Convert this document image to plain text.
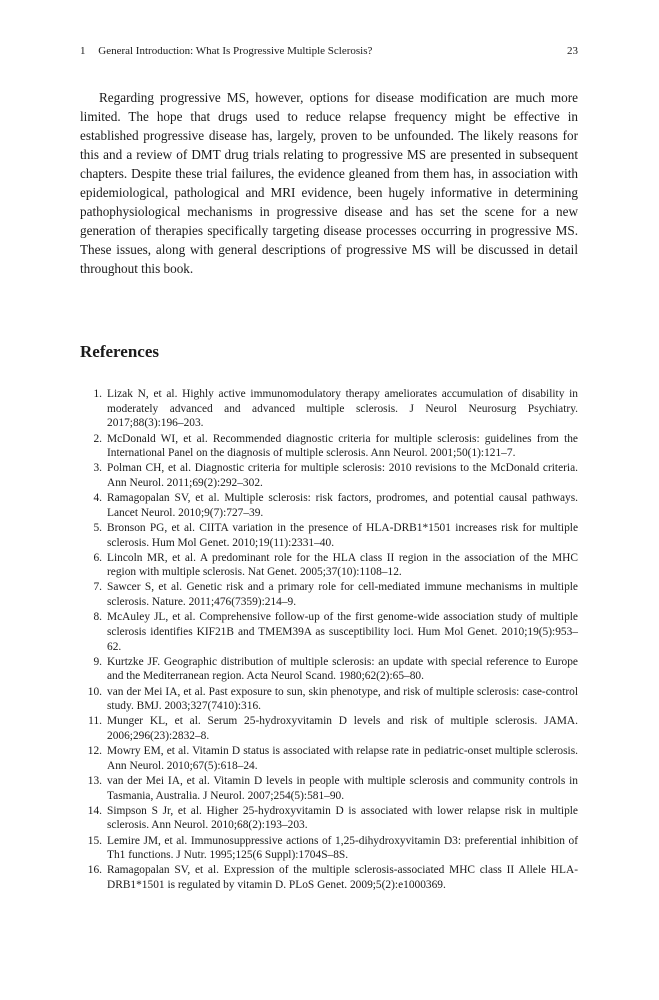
1 General Introduction: What Is Progressive Multiple Sclerosis?	23

Regarding progressive MS, however, options for disease modification are much more limited. The hope that drugs used to reduce relapse frequency might be effective in established progressive disease has, largely, proven to be unfounded. The likely reasons for this and a review of DMT drug trials relating to progressive MS are presented in subsequent chapters. Despite these trial failures, the evidence gleaned from them has, in association with epidemiological, pathological and MRI evidence, been hugely informative in determining pathophysiological mechanisms in progressive disease and has set the scene for a new generation of therapies specifically targeting disease processes occurring in progressive MS. These issues, along with general descriptions of progressive MS will be discussed in detail throughout this book.

References
1. Lizak N, et al. Highly active immunomodulatory therapy ameliorates accumulation of disability in moderately advanced and advanced multiple sclerosis. J Neurol Neurosurg Psychiatry. 2017;88(3):196–203.
2. McDonald WI, et al. Recommended diagnostic criteria for multiple sclerosis: guidelines from the International Panel on the diagnosis of multiple sclerosis. Ann Neurol. 2001;50(1):121–7.
3. Polman CH, et al. Diagnostic criteria for multiple sclerosis: 2010 revisions to the McDonald criteria. Ann Neurol. 2011;69(2):292–302.
4. Ramagopalan SV, et al. Multiple sclerosis: risk factors, prodromes, and potential causal pathways. Lancet Neurol. 2010;9(7):727–39.
5. Bronson PG, et al. CIITA variation in the presence of HLA-DRB1*1501 increases risk for multiple sclerosis. Hum Mol Genet. 2010;19(11):2331–40.
6. Lincoln MR, et al. A predominant role for the HLA class II region in the association of the MHC region with multiple sclerosis. Nat Genet. 2005;37(10):1108–12.
7. Sawcer S, et al. Genetic risk and a primary role for cell-mediated immune mechanisms in multiple sclerosis. Nature. 2011;476(7359):214–9.
8. McAuley JL, et al. Comprehensive follow-up of the first genome-wide association study of multiple sclerosis identifies KIF21B and TMEM39A as susceptibility loci. Hum Mol Genet. 2010;19(5):953–62.
9. Kurtzke JF. Geographic distribution of multiple sclerosis: an update with special reference to Europe and the Mediterranean region. Acta Neurol Scand. 1980;62(2):65–80.
10. van der Mei IA, et al. Past exposure to sun, skin phenotype, and risk of multiple sclerosis: case-control study. BMJ. 2003;327(7410):316.
11. Munger KL, et al. Serum 25-hydroxyvitamin D levels and risk of multiple sclerosis. JAMA. 2006;296(23):2832–8.
12. Mowry EM, et al. Vitamin D status is associated with relapse rate in pediatric-onset multiple sclerosis. Ann Neurol. 2010;67(5):618–24.
13. van der Mei IA, et al. Vitamin D levels in people with multiple sclerosis and community controls in Tasmania, Australia. J Neurol. 2007;254(5):581–90.
14. Simpson S Jr, et al. Higher 25-hydroxyvitamin D is associated with lower relapse risk in multiple sclerosis. Ann Neurol. 2010;68(2):193–203.
15. Lemire JM, et al. Immunosuppressive actions of 1,25-dihydroxyvitamin D3: preferential inhibition of Th1 functions. J Nutr. 1995;125(6 Suppl):1704S–8S.
16. Ramagopalan SV, et al. Expression of the multiple sclerosis-associated MHC class II Allele HLA-DRB1*1501 is regulated by vitamin D. PLoS Genet. 2009;5(2):e1000369.
